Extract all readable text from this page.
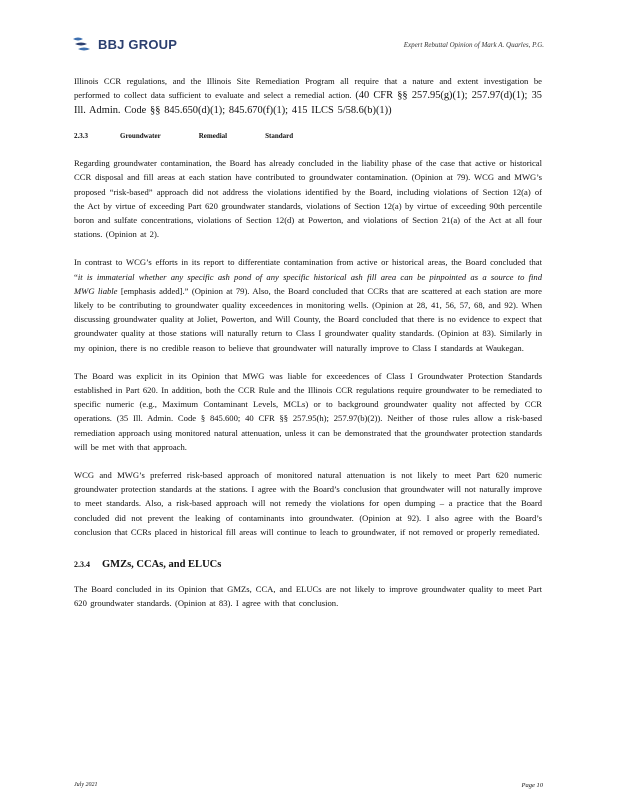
BBJ GROUP	Expert Rebuttal Opinion of Mark A. Quarles, P.G.

Illinois CCR regulations, and the Illinois Site Remediation Program all require that a nature and extent investigation be performed to collect data sufficient to evaluate and select a remedial action. (40 CFR §§ 257.95(g)(1); 257.97(d)(1); 35 Ill. Admin. Code §§ 845.650(d)(1); 845.670(f)(1); 415 ILCS 5/58.6(b)(1))

2.3.3	Groundwater	Remedial	Standard

Regarding groundwater contamination, the Board has already concluded in the liability phase of the case that active or historical CCR disposal and fill areas at each station have contributed to groundwater contamination. (Opinion at 79). WCG and MWG’s proposed “risk-based” approach did not address the violations identified by the Board, including violations of Section 12(a) of the Act by virtue of exceeding Part 620 groundwater standards, violations of Section 12(a) by virtue of exceeding 90th percentile boron and sulfate concentrations, violations of Section 12(d) at Powerton, and violations of Section 21(a) of the Act at all four stations. (Opinion at 2).

In contrast to WCG’s efforts in its report to differentiate contamination from active or historical areas, the Board concluded that “it is immaterial whether any specific ash pond of any specific historical ash fill area can be pinpointed as a source to find MWG liable [emphasis added].” (Opinion at 79). Also, the Board concluded that CCRs that are scattered at each station are more likely to be contributing to groundwater quality exceedences in monitoring wells. (Opinion at 28, 41, 56, 57, 68, and 92). When discussing groundwater quality at Joliet, Powerton, and Will County, the Board concluded that there is no evidence to expect that groundwater quality at those stations will naturally return to Class I groundwater quality standards. (Opinion at 83). Similarly in my opinion, there is no credible reason to believe that groundwater will naturally improve to Class I standards at Waukegan.

The Board was explicit in its Opinion that MWG was liable for exceedences of Class I Groundwater Protection Standards established in Part 620. In addition, both the CCR Rule and the Illinois CCR regulations require groundwater to be remediated to specific numeric (e.g., Maximum Contaminant Levels, MCLs) or to background groundwater quality not affected by CCR operations. (35 Ill. Admin. Code § 845.600; 40 CFR §§ 257.95(h); 257.97(b)(2)). Neither of those rules allow a risk-based remediation approach using monitored natural attenuation, unless it can be demonstrated that the groundwater protection standards will be met with that approach.

WCG and MWG’s preferred risk-based approach of monitored natural attenuation is not likely to meet Part 620 numeric groundwater protection standards at the stations. I agree with the Board’s conclusion that groundwater will not naturally improve to meet standards. Also, a risk-based approach will not remedy the violations for open dumping – a practice that the Board concluded did not prevent the leaking of contaminants into groundwater. (Opinion at 92). I also agree with the Board’s conclusion that CCRs placed in historical fill areas will continue to leach to groundwater, if not removed or properly remediated.

2.3.4	GMZs, CCAs, and ELUCs

The Board concluded in its Opinion that GMZs, CCA, and ELUCs are not likely to improve groundwater quality to meet Part 620 groundwater standards. (Opinion at 83). I agree with that conclusion.

July 2021	Page 10
